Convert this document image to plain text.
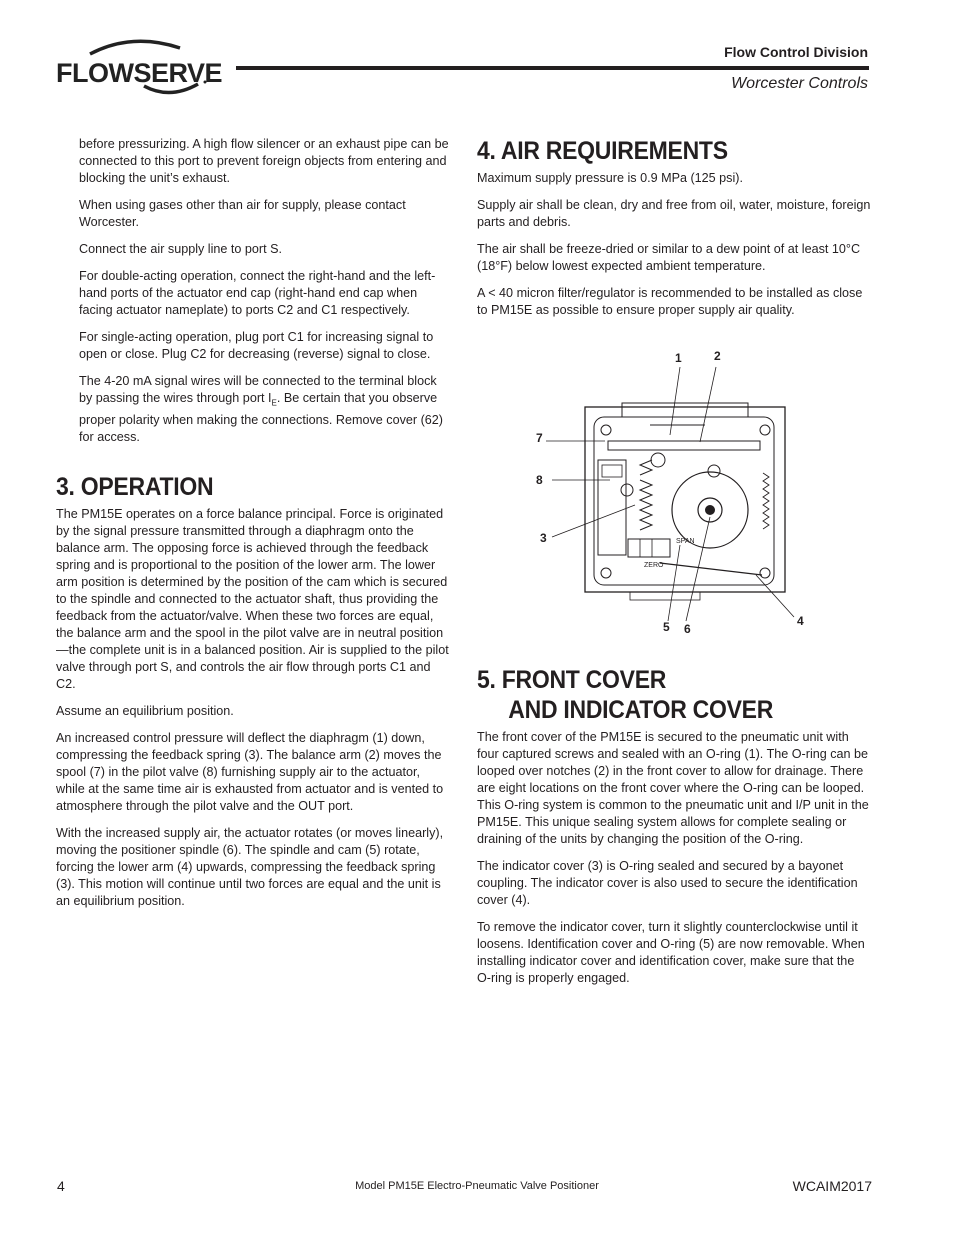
FLOWSERVE
Flow Control Division
Worcester Controls

before pressurizing. A high flow silencer or an exhaust pipe can be connected to this port to prevent foreign objects from entering and blocking the unit’s exhaust.

When using gases other than air for supply, please contact Worcester.

Connect the air supply line to port S.

For double-acting operation, connect the right-hand and the left-hand ports of the actuator end cap (right-hand end cap when facing actuator nameplate) to ports C2 and C1 respectively.

For single-acting operation, plug port C1 for increasing signal to open or close. Plug C2 for decreasing (reverse) signal to close.

The 4-20 mA signal wires will be connected to the terminal block by passing the wires through port $I_E$. Be certain that you observe proper polarity when making the connections. Remove cover (62) for access.

3. OPERATION

The PM15E operates on a force balance principal. Force is originated by the signal pressure transmitted through a diaphragm onto the balance arm. The opposing force is achieved through the feedback spring and is proportional to the position of the lower arm. The lower arm position is determined by the position of the cam which is secured to the spindle and connected to the actuator shaft, thus providing the feedback from the actuator/valve. When these two forces are equal, the balance arm and the spool in the pilot valve are in neutral position—the complete unit is in a balanced position. Air is supplied to the pilot valve through port S, and controls the air flow through ports C1 and C2.

Assume an equilibrium position.

An increased control pressure will deflect the diaphragm (1) down, compressing the feedback spring (3). The balance arm (2) moves the spool (7) in the pilot valve (8) furnishing supply air to the actuator, while at the same time air is exhausted from actuator and is vented to atmosphere through the pilot valve and the OUT port.

With the increased supply air, the actuator rotates (or moves linearly), moving the positioner spindle (6). The spindle and cam (5) rotate, forcing the lower arm (4) upwards, compressing the feedback spring (3). This motion will continue until two forces are equal and the unit is an equilibrium position.

4. AIR REQUIREMENTS

Maximum supply pressure is 0.9 MPa (125 psi).

Supply air shall be clean, dry and free from oil, water, moisture, foreign parts and debris.

The air shall be freeze-dried or similar to a dew point of at least 10°C (18°F) below lowest expected ambient temperature.

A < 40 micron filter/regulator is recommended to be installed as close to PM15E as possible to ensure proper supply air quality.

5. FRONT COVER
AND INDICATOR COVER

The front cover of the PM15E is secured to the pneumatic unit with four captured screws and sealed with an O-ring (1). The O-ring can be looped over notches (2) in the front cover to allow for drainage. There are eight locations on the front cover where the O-ring can be looped. This O-ring system is common to the pneumatic unit and I/P unit in the PM15E. This unique sealing system allows for complete sealing or draining of the units by changing the position of the O-ring.

The indicator cover (3) is O-ring sealed and secured by a bayonet coupling. The indicator cover is also used to secure the identification cover (4).

To remove the indicator cover, turn it slightly counterclockwise until it loosens. Identification cover and O-ring (5) are now removable. When installing indicator cover and identification cover, make sure that the O-ring is properly engaged.

SPAN
ZERO
1	2
7
8
3
5 6
4
4	Model PM15E Electro-Pneumatic Valve Positioner	WCAIM2017
